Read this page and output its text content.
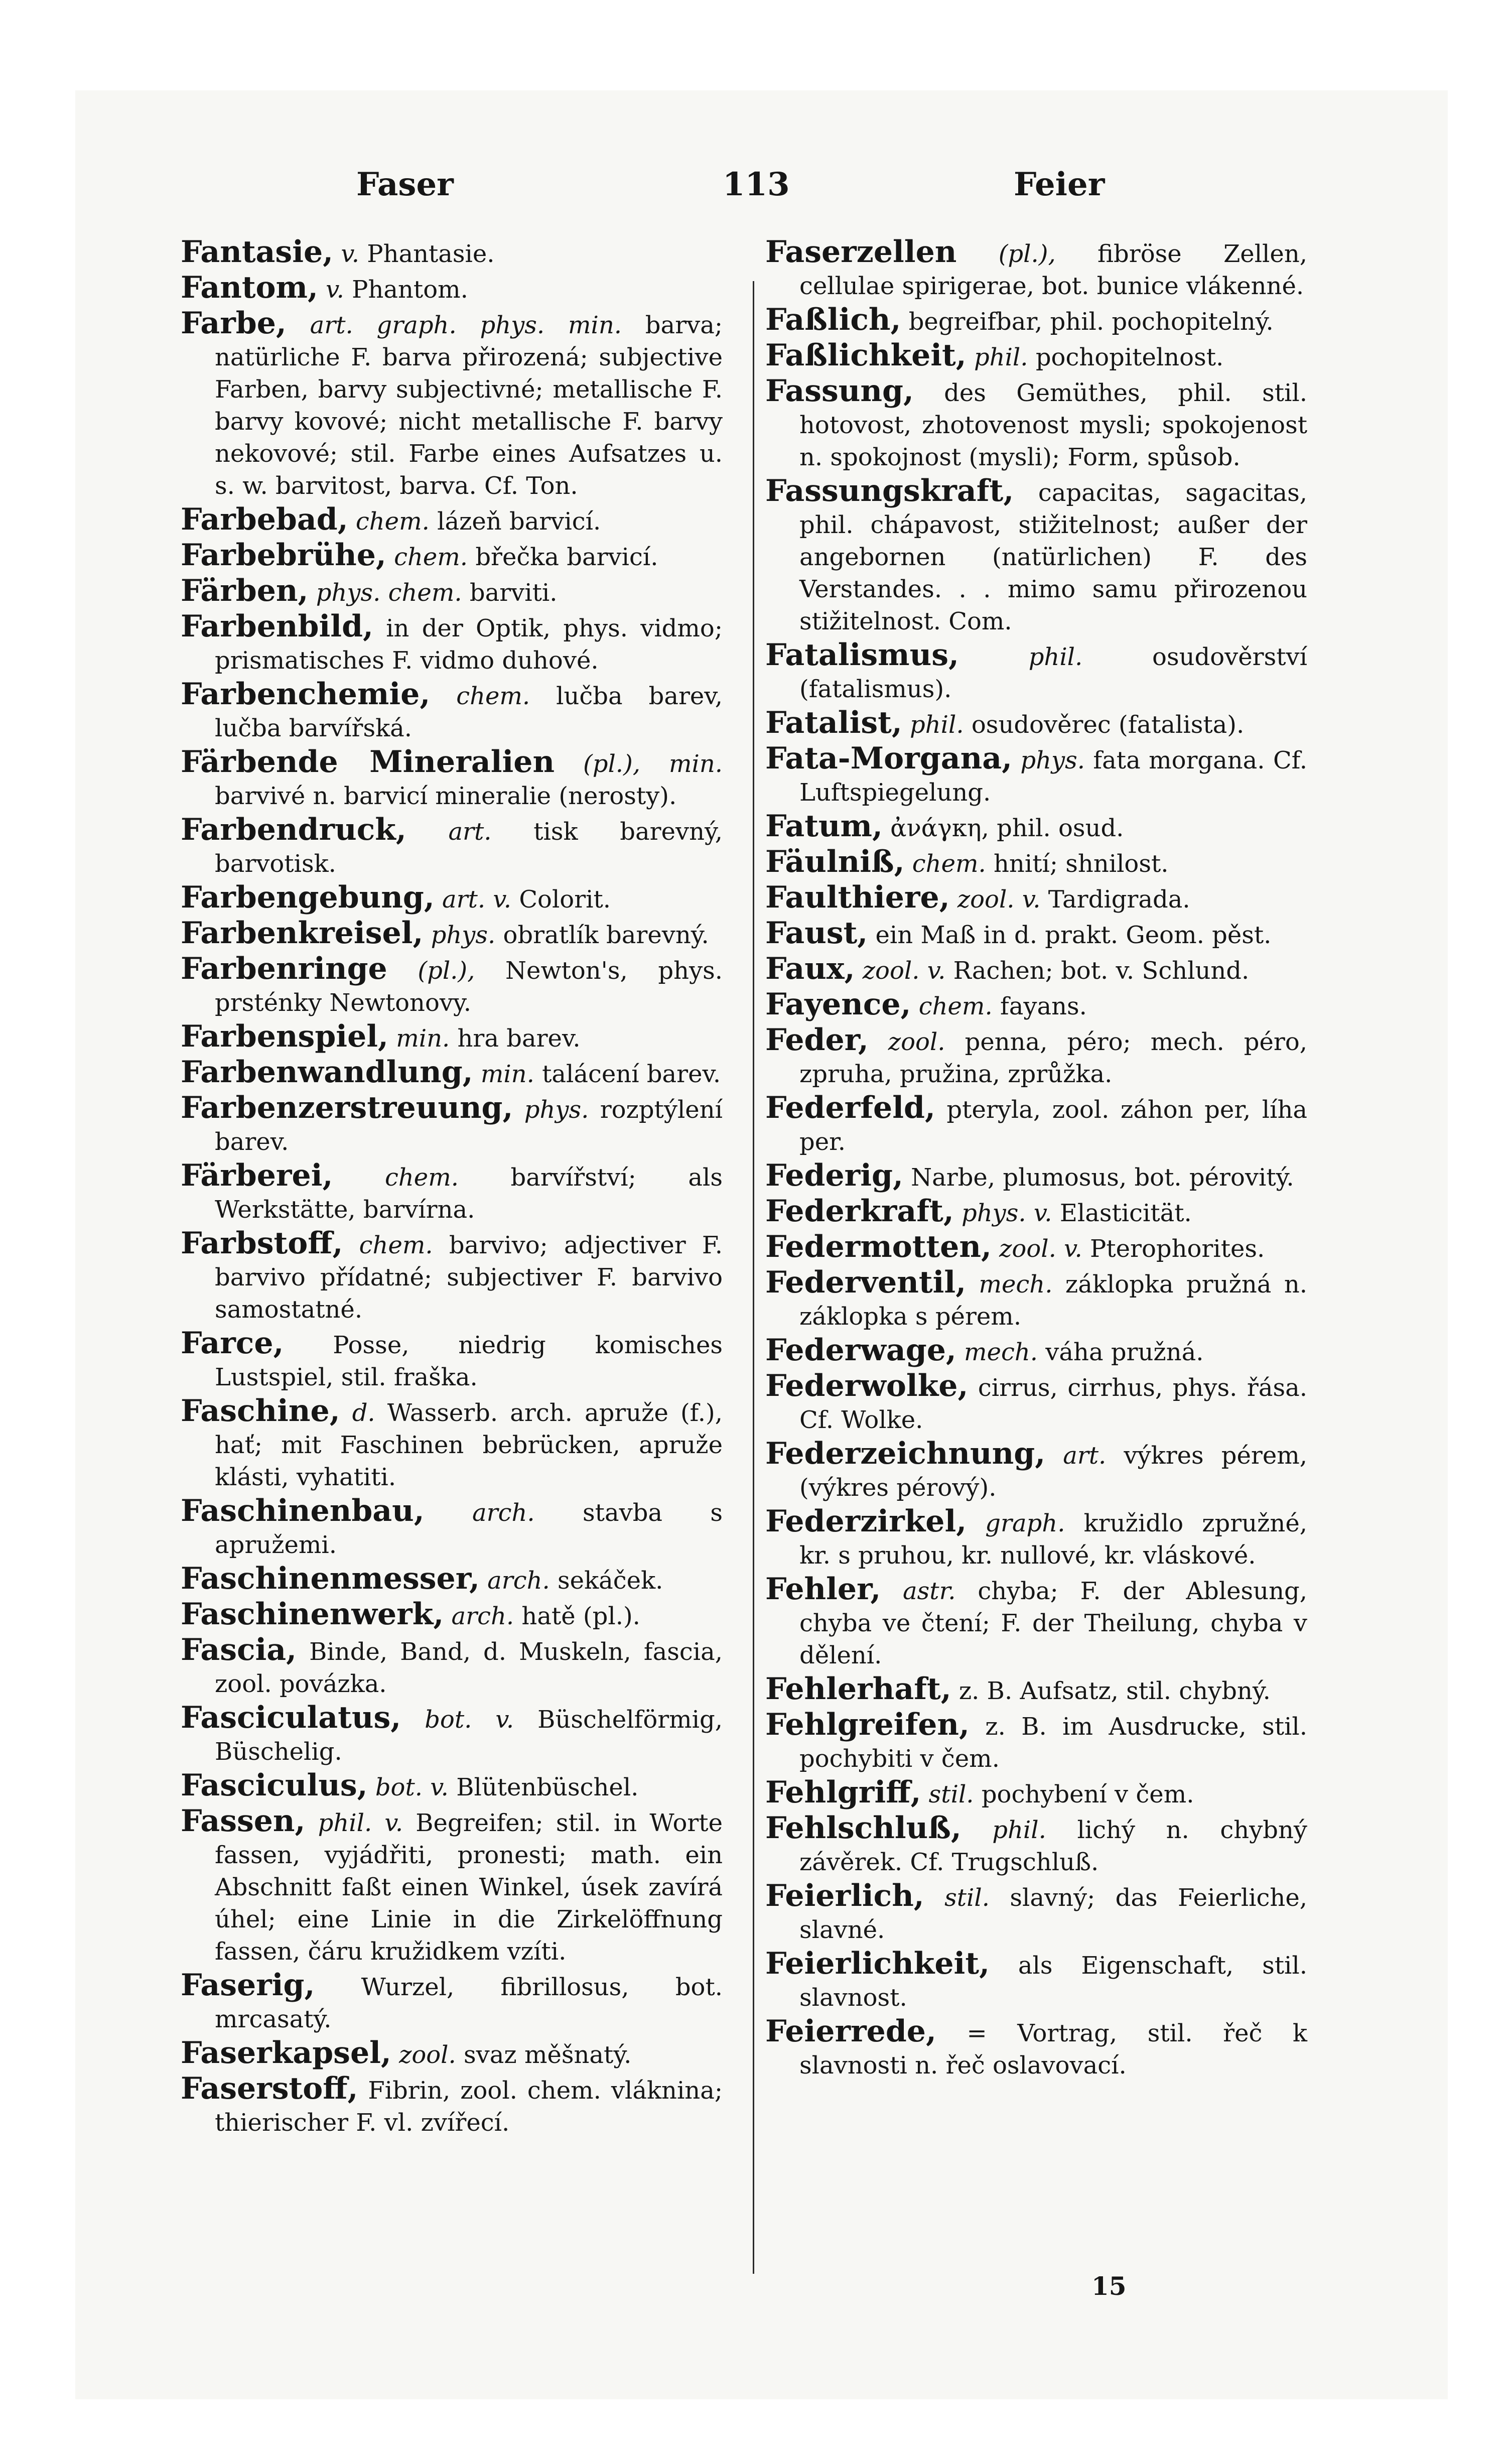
Faser	113	Feier
Fantasie, v. Phantasie.
Fantom, v. Phantom.
Farbe, art. graph. phys. min. barva; natürliche F. barva přirozená; subjective Farben, barvy subjectivné; metallische F. barvy kovové; nicht metallische F. barvy nekovové; stil. Farbe eines Aufsatzes u. s. w. barvitost, barva. Cf. Ton.
Farbebad, chem. lázeň barvicí.
Farbebrühe, chem. břečka barvicí.
Färben, phys. chem. barviti.
Farbenbild, in der Optik, phys. vidmo; prismatisches F. vidmo duhové.
Farbenchemie, chem. lučba barev, lučba barvířská.
Färbende Mineralien (pl.), min. barvivé n. barvicí mineralie (nerosty).
Farbendruck, art. tisk barevný, barvotisk.
Farbengebung, art. v. Colorit.
Farbenkreisel, phys. obratlík barevný.
Farbenringe (pl.), Newton's, phys. prsténky Newtonovy.
Farbenspiel, min. hra barev.
Farbenwandlung, min. talácení barev.
Farbenzerstreuung, phys. rozptýlení barev.
Färberei, chem. barvířství; als Werkstätte, barvírna.
Farbstoff, chem. barvivo; adjectiver F. barvivo přídatné; subjectiver F. barvivo samostatné.
Farce, Posse, niedrig komisches Lustspiel, stil. fraška.
Faschine, d. Wasserb. arch. apruže (f.), hať; mit Faschinen bebrücken, apruže klásti, vyhatiti.
Faschinenbau, arch. stavba s apružemi.
Faschinenmesser, arch. sekáček.
Faschinenwerk, arch. hatě (pl.).
Fascia, Binde, Band, d. Muskeln, fascia, zool. povázka.
Fasciculatus, bot. v. Büschelförmig, Büschelig.
Fasciculus, bot. v. Blütenbüschel.
Fassen, phil. v. Begreifen; stil. in Worte fassen, vyjádřiti, pronesti; math. ein Abschnitt faßt einen Winkel, úsek zavírá úhel; eine Linie in die Zirkelöffnung fassen, čáru kružidkem vzíti.
Faserig, Wurzel, fibrillosus, bot. mrcasatý.
Faserkapsel, zool. svaz měšnatý.
Faserstoff, Fibrin, zool. chem. vláknina; thierischer F. vl. zvířecí.
Faserzellen (pl.), fibröse Zellen, cellulae spirigerae, bot. bunice vlákenné.
Faßlich, begreifbar, phil. pochopitelný.
Faßlichkeit, phil. pochopitelnost.
Fassung, des Gemüthes, phil. stil. hotovost, zhotovenost mysli; spokojenost n. spokojnost (mysli); Form, spůsob.
Fassungskraft, capacitas, sagacitas, phil. chápavost, stižitelnost; außer der angebornen (natürlichen) F. des Verstandes. . . mimo samu přirozenou stižitelnost. Com.
Fatalismus,	phil.	osudověrství (fatalismus).
Fatalist, phil. osudověrec (fatalista).
Fata-Morgana, phys. fata morgana. Cf. Luftspiegelung.
Fatum, ἀνάγκη, phil. osud.
Fäulniß, chem. hnití; shnilost.
Faulthiere, zool. v. Tardigrada.
Faust, ein Maß in d. prakt. Geom. pěst.
Faux, zool. v. Rachen; bot. v. Schlund.
Fayence, chem. fayans.
Feder, zool. penna, péro; mech. péro, zpruha, pružina, zprůžka.
Federfeld, pteryla, zool. záhon per, líha per.
Federig, Narbe, plumosus, bot. pérovitý.
Federkraft, phys. v. Elasticität.
Federmotten, zool. v. Pterophorites.
Federventil, mech. záklopka pružná n. záklopka s pérem.
Federwage, mech. váha pružná.
Federwolke, cirrus, cirrhus, phys. řása. Cf. Wolke.
Federzeichnung, art. výkres pérem, (výkres pérový).
Federzirkel, graph. kružidlo zpružné, kr. s pruhou, kr. nullové, kr. vláskové.
Fehler, astr. chyba; F. der Ablesung, chyba ve čtení; F. der Theilung, chyba v dělení.
Fehlerhaft, z. B. Aufsatz, stil. chybný.
Fehlgreifen, z. B. im Ausdrucke, stil. pochybiti v čem.
Fehlgriff, stil. pochybení v čem.
Fehlschluß, phil. lichý n. chybný závěrek. Cf. Trugschluß.
Feierlich, stil. slavný; das Feierliche, slavné.
Feierlichkeit, als Eigenschaft, stil. slavnost.
Feierrede, = Vortrag, stil. řeč k slavnosti n. řeč oslavovací.
15
